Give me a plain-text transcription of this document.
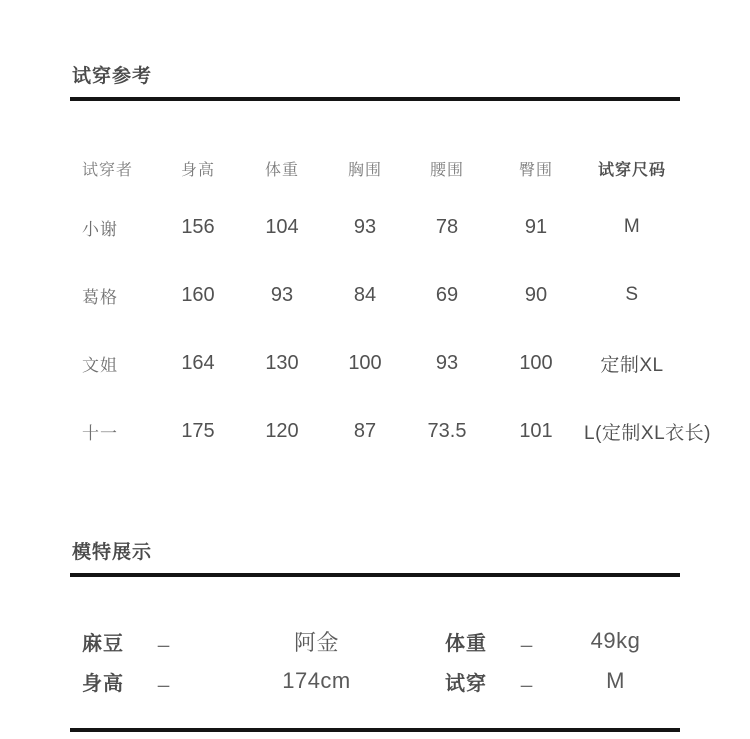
试穿参考
试穿者	身高	体重	胸围	腰围	臀围	试穿尺码
小谢	156	104	93	78	91	M
葛格	160	93	84	69	90	S
文姐	164	130	100	93	100	定制XL
十一	175	120	87	73.5	101	L(定制XL衣长)
模特展示
麻豆	_	阿金	体重	_	49kg
身高	_	174cm	试穿	_	M
